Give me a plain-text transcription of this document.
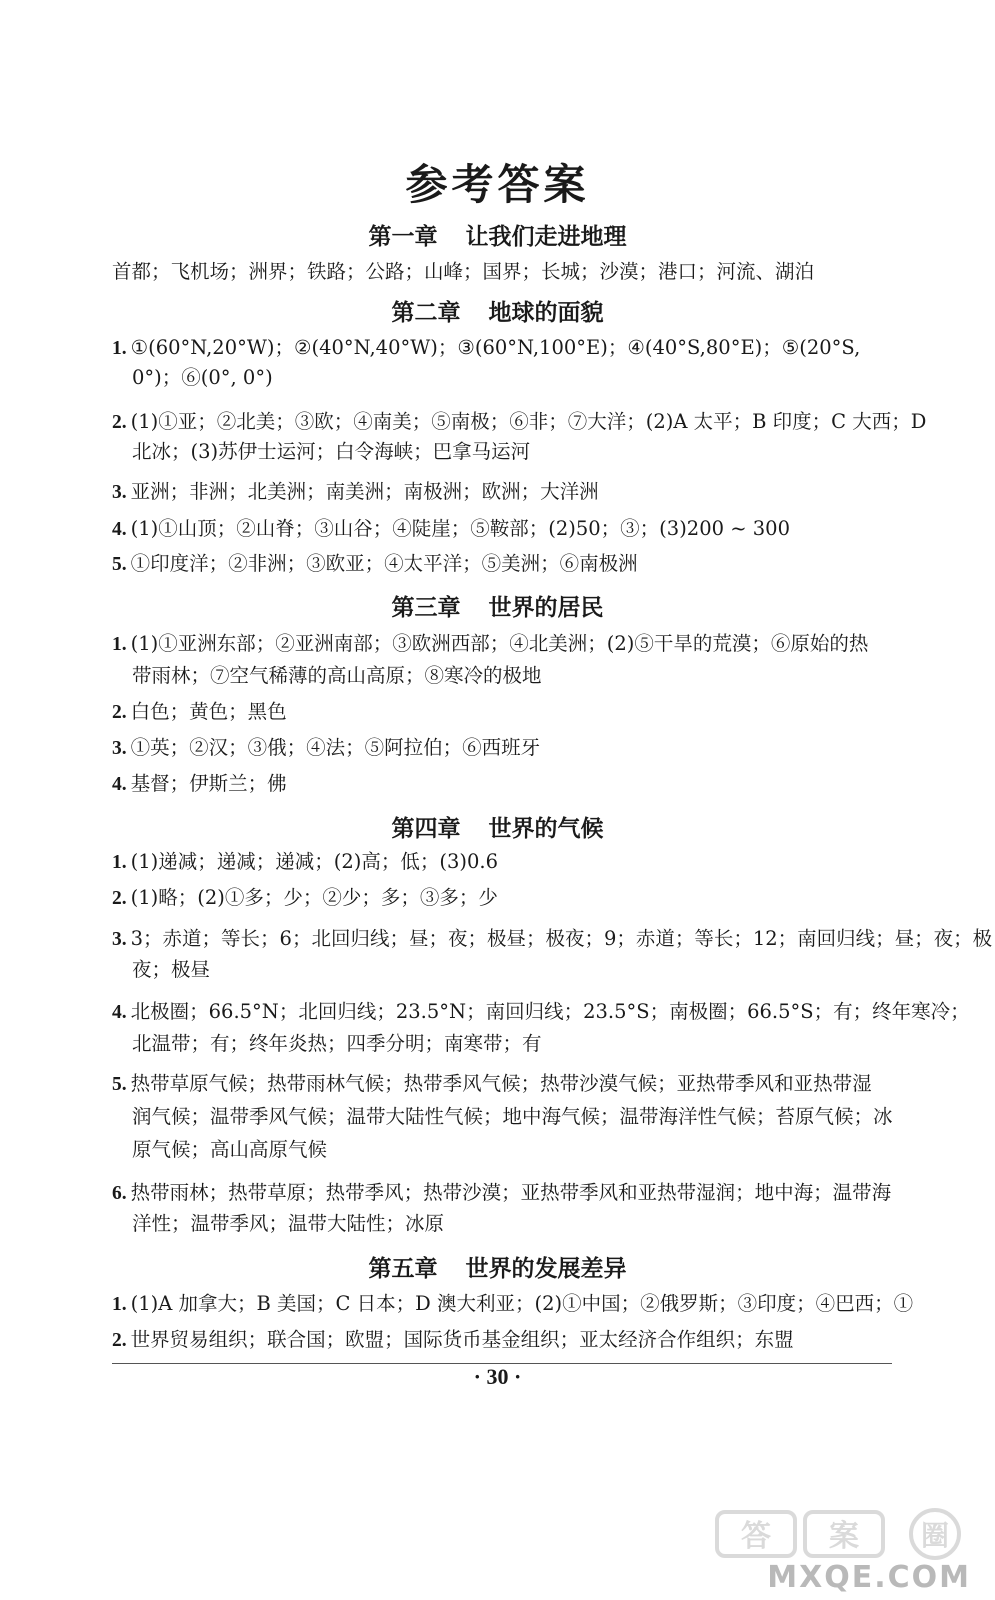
参考答案
第一章 让我们走进地理
首都；飞机场；洲界；铁路；公路；山峰；国界；长城；沙漠；港口；河流、湖泊
第二章 地球的面貌
1. ①(60°N,20°W)；②(40°N,40°W)；③(60°N,100°E)；④(40°S,80°E)；⑤(20°S,
0°)；⑥(0°, 0°)
2. (1)①亚；②北美；③欧；④南美；⑤南极；⑥非；⑦大洋；(2)A 太平；B 印度；C 大西；D
北冰；(3)苏伊士运河；白令海峡；巴拿马运河
3. 亚洲；非洲；北美洲；南美洲；南极洲；欧洲；大洋洲
4. (1)①山顶；②山脊；③山谷；④陡崖；⑤鞍部；(2)50；③；(3)200 ~ 300
5. ①印度洋；②非洲；③欧亚；④太平洋；⑤美洲；⑥南极洲
第三章 世界的居民
1. (1)①亚洲东部；②亚洲南部；③欧洲西部；④北美洲；(2)⑤干旱的荒漠；⑥原始的热
带雨林；⑦空气稀薄的高山高原；⑧寒冷的极地
2. 白色；黄色；黑色
3. ①英；②汉；③俄；④法；⑤阿拉伯；⑥西班牙
4. 基督；伊斯兰；佛
第四章 世界的气候
1. (1)递减；递减；递减；(2)高；低；(3)0.6
2. (1)略；(2)①多；少；②少；多；③多；少
3. 3；赤道；等长；6；北回归线；昼；夜；极昼；极夜；9；赤道；等长；12；南回归线；昼；夜；极
夜；极昼
4. 北极圈；66.5°N；北回归线；23.5°N；南回归线；23.5°S；南极圈；66.5°S；有；终年寒冷；
北温带；有；终年炎热；四季分明；南寒带；有
5. 热带草原气候；热带雨林气候；热带季风气候；热带沙漠气候；亚热带季风和亚热带湿
润气候；温带季风气候；温带大陆性气候；地中海气候；温带海洋性气候；苔原气候；冰
原气候；高山高原气候
6. 热带雨林；热带草原；热带季风；热带沙漠；亚热带季风和亚热带湿润；地中海；温带海
洋性；温带季风；温带大陆性；冰原
第五章 世界的发展差异
1. (1)A 加拿大；B 美国；C 日本；D 澳大利亚；(2)①中国；②俄罗斯；③印度；④巴西；①
2. 世界贸易组织；联合国；欧盟；国际货币基金组织；亚太经济合作组织；东盟
· 30 ·
答 案 圈
MXQE.COM
